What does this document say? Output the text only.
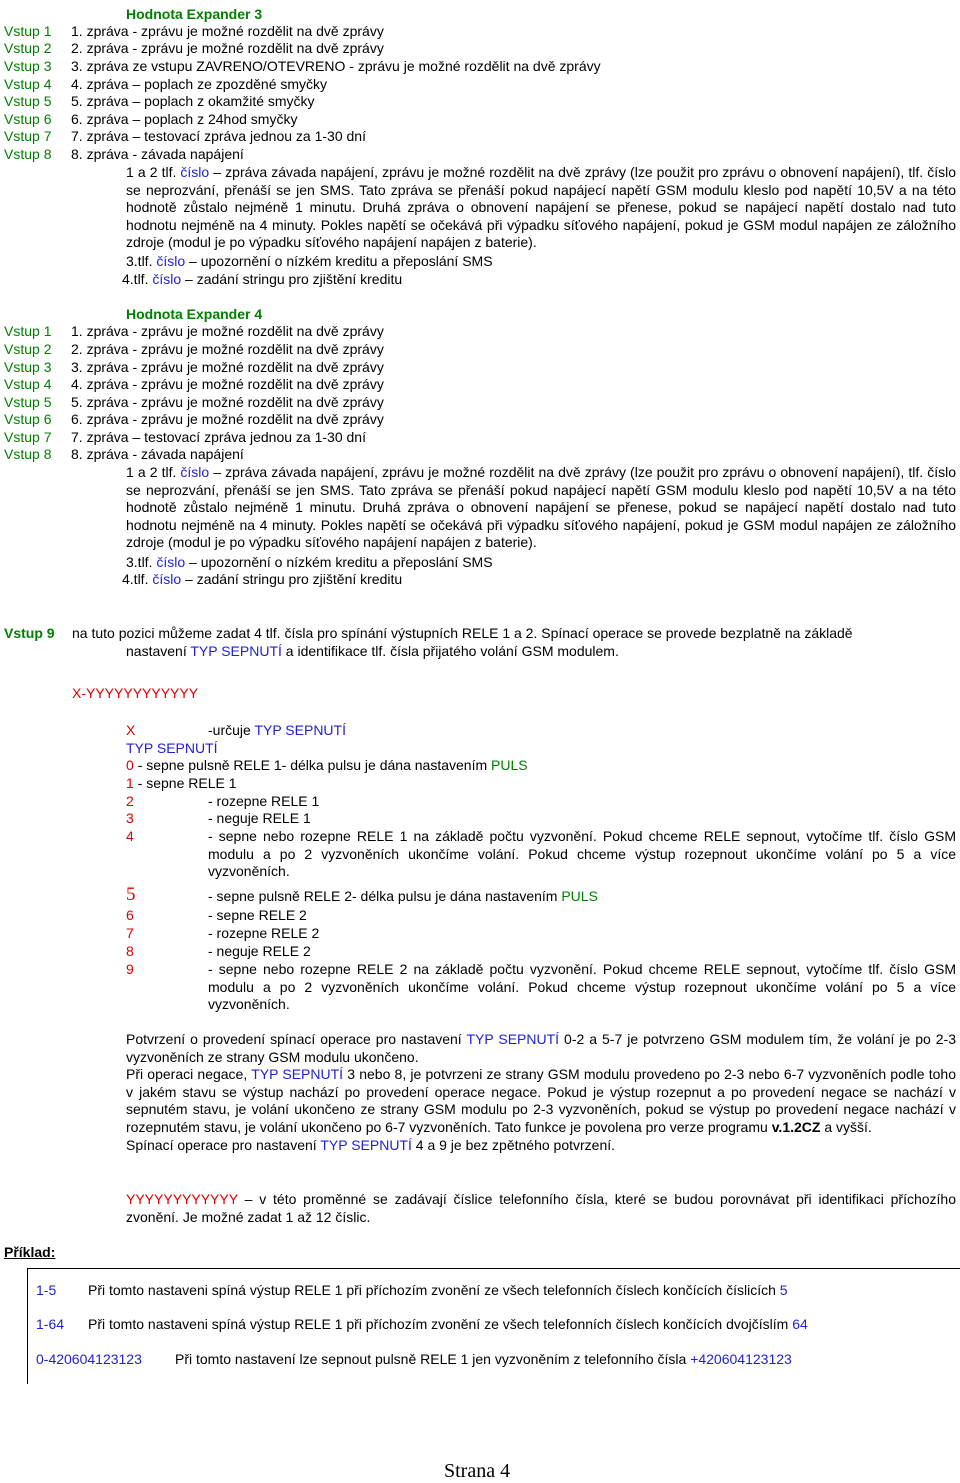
Hodnota Expander 3
Vstup 1 1. zpráva - zprávu je možné rozdělit na dvě zprávy
Vstup 2 2. zpráva - zprávu je možné rozdělit na dvě zprávy
Vstup 3 3. zpráva ze vstupu ZAVRENO/OTEVRENO - zprávu je možné rozdělit na dvě zprávy
Vstup 4 4. zpráva – poplach ze zpozděné smyčky
Vstup 5 5. zpráva – poplach z okamžité smyčky
Vstup 6 6. zpráva – poplach z 24hod smyčky
Vstup 7 7. zpráva – testovací zpráva jednou za 1-30 dní
Vstup 8 8. zpráva - závada napájení
1 a 2 tlf. číslo – zpráva závada napájení, zprávu je možné rozdělit na dvě zprávy (lze použit pro zprávu o obnovení napájení), tlf. číslo se neprozvání, přenáší se jen SMS. Tato zpráva se přenáší pokud napájecí napětí GSM modulu kleslo pod napětí 10,5V a na této hodnotě zůstalo nejméně 1 minutu. Druhá zpráva o obnovení napájení se přenese, pokud se napájecí napětí dostalo nad tuto hodnotu nejméně na 4 minuty. Pokles napětí se očekává při výpadku síťového napájení, pokud je GSM modul napájen ze záložního zdroje (modul je po výpadku síťového napájení napájen z baterie).
3.tlf. číslo – upozornění o nízkém kreditu a přeposlání SMS
4.tlf. číslo – zadání stringu pro zjištění kreditu
Hodnota Expander 4
Vstup 1 1. zpráva - zprávu je možné rozdělit na dvě zprávy
Vstup 2 2. zpráva - zprávu je možné rozdělit na dvě zprávy
Vstup 3 3. zpráva - zprávu je možné rozdělit na dvě zprávy
Vstup 4 4. zpráva - zprávu je možné rozdělit na dvě zprávy
Vstup 5 5. zpráva - zprávu je možné rozdělit na dvě zprávy
Vstup 6 6. zpráva - zprávu je možné rozdělit na dvě zprávy
Vstup 7 7. zpráva – testovací zpráva jednou za 1-30 dní
Vstup 8 8. zpráva - závada napájení
1 a 2 tlf. číslo – zpráva závada napájení, zprávu je možné rozdělit na dvě zprávy (lze použit pro zprávu o obnovení napájení), tlf. číslo se neprozvání, přenáší se jen SMS. Tato zpráva se přenáší pokud napájecí napětí GSM modulu kleslo pod napětí 10,5V a na této hodnotě zůstalo nejméně 1 minutu. Druhá zpráva o obnovení napájení se přenese, pokud se napájecí napětí dostalo nad tuto hodnotu nejméně na 4 minuty. Pokles napětí se očekává při výpadku síťového napájení, pokud je GSM modul napájen ze záložního zdroje (modul je po výpadku síťového napájení napájen z baterie).
3.tlf. číslo – upozornění o nízkém kreditu a přeposlání SMS
4.tlf. číslo – zadání stringu pro zjištění kreditu
Vstup 9 na tuto pozici můžeme zadat 4 tlf. čísla pro spínání výstupních RELE 1 a 2. Spínací operace se provede bezplatně na základě
nastavení TYP SEPNUTÍ a identifikace tlf. čísla přijatého volání GSM modulem.
X-YYYYYYYYYYYY
X	-určuje TYP SEPNUTÍ
TYP SEPNUTÍ
0 - sepne pulsně RELE 1- délka pulsu je dána nastavením PULS
1 - sepne RELE 1
2	- rozepne RELE 1
3	- neguje RELE 1
4	- sepne nebo rozepne RELE 1 na základě počtu vyzvonění. Pokud chceme RELE sepnout, vytočíme tlf. číslo GSM modulu a po 2 vyzvoněních ukončíme volání. Pokud chceme výstup rozepnout ukončíme volání po 5 a více vyzvoněních.
5	- sepne pulsně RELE 2- délka pulsu je dána nastavením PULS
6	- sepne RELE 2
7	- rozepne RELE 2
8	- neguje RELE 2
9	- sepne nebo rozepne RELE 2 na základě počtu vyzvonění. Pokud chceme RELE sepnout, vytočíme tlf. číslo GSM modulu a po 2 vyzvoněních ukončíme volání. Pokud chceme výstup rozepnout ukončíme volání po 5 a více vyzvoněních.
Potvrzení o provedení spínací operace pro nastavení TYP SEPNUTÍ 0-2 a 5-7 je potvrzeno GSM modulem tím, že volání je po 2-3 vyzvoněních ze strany GSM modulu ukončeno.
Při operaci negace, TYP SEPNUTÍ 3 nebo 8, je potvrzeni ze strany GSM modulu provedeno po 2-3 nebo 6-7 vyzvoněních podle toho v jakém stavu se výstup nachází po provedení operace negace. Pokud je výstup rozepnut a po provedení negace se nachází v sepnutém stavu, je volání ukončeno ze strany GSM modulu po 2-3 vyzvoněních, pokud se výstup po provedení negace nachází v rozepnutém stavu, je volání ukončeno po 6-7 vyzvoněních. Tato funkce je povolena pro verze programu v.1.2CZ a vyšší.
Spínací operace pro nastavení TYP SEPNUTÍ 4 a 9 je bez zpětného potvrzení.
YYYYYYYYYYYY – v této proměnné se zadávají číslice telefonního čísla, které se budou porovnávat při identifikaci příchozího zvonění. Je možné zadat 1 až 12 číslic.
Příklad:
1-5 Při tomto nastaveni spíná výstup RELE 1 při příchozím zvonění ze všech telefonních číslech končících číslicích 5
1-64 Při tomto nastaveni spíná výstup RELE 1 při příchozím zvonění ze všech telefonních číslech končících dvojčíslím 64
0-420604123123 Při tomto nastavení lze sepnout pulsně RELE 1 jen vyzvoněním z telefonního čísla +420604123123
Strana 4
